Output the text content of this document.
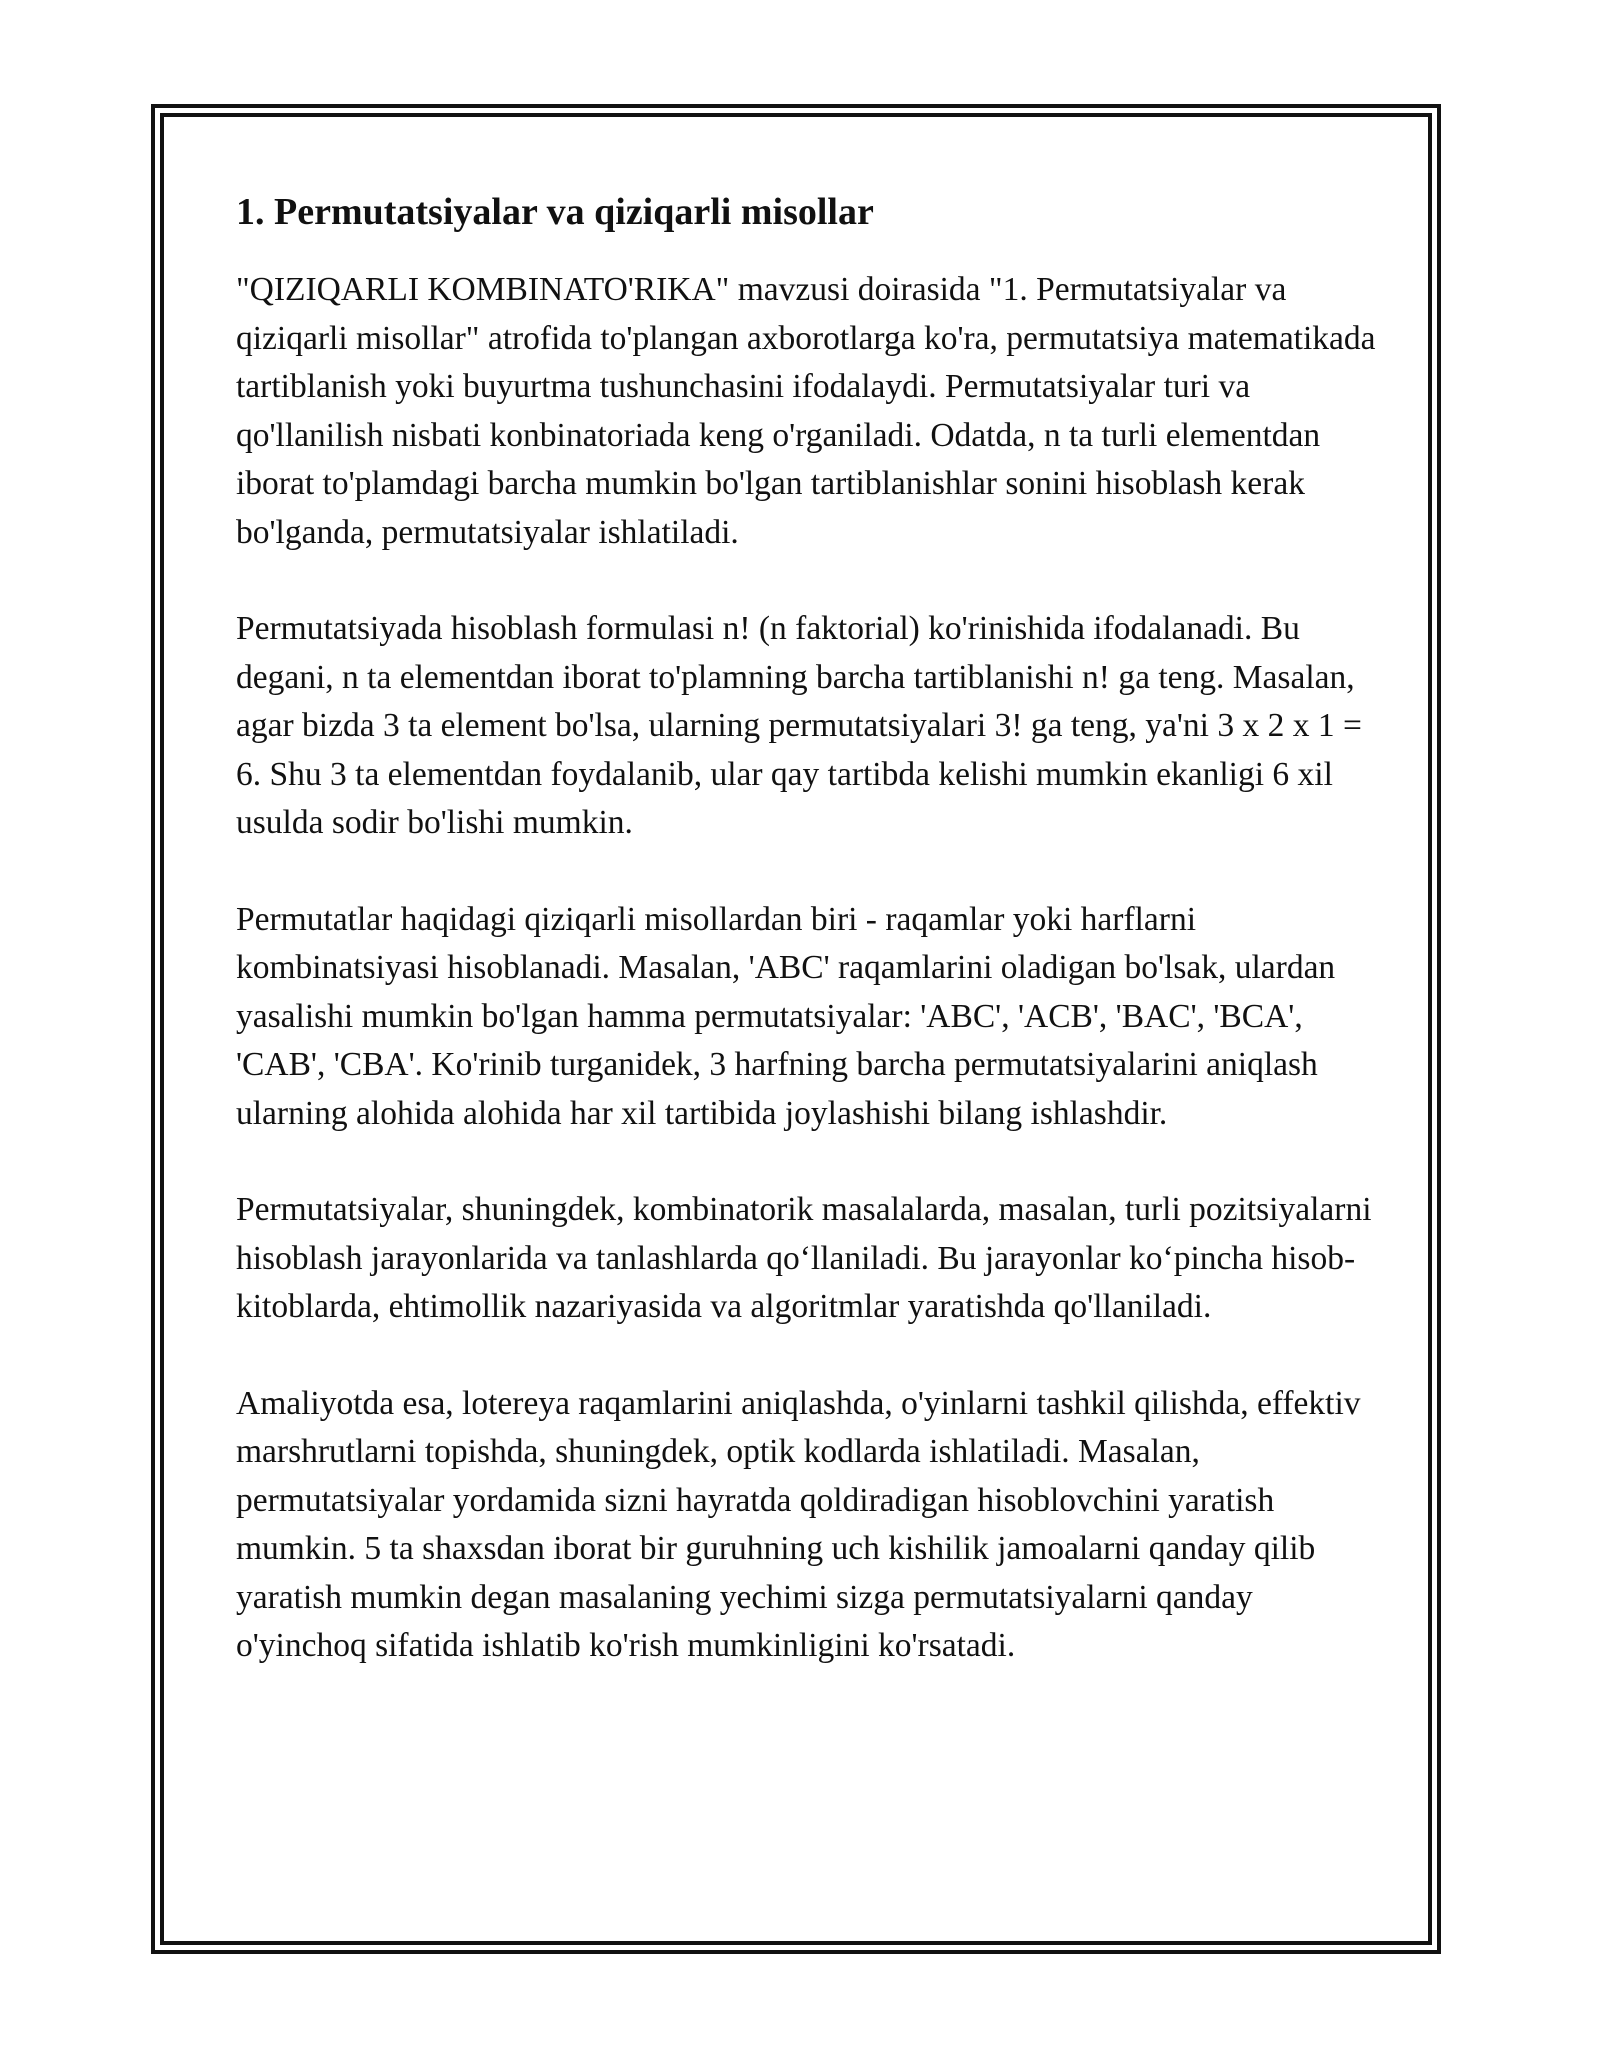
1. Permutatsiyalar va qiziqarli misollar

"QIZIQARLI KOMBINATO'RIKA" mavzusi doirasida "1. Permutatsiyalar va qiziqarli misollar" atrofida to'plangan axborotlarga ko'ra, permutatsiya matematikada tartiblanish yoki buyurtma tushunchasini ifodalaydi. Permutatsiyalar turi va qo'llanilish nisbati konbinatoriada keng o'rganiladi. Odatda, n ta turli elementdan iborat to'plamdagi barcha mumkin bo'lgan tartiblanishlar sonini hisoblash kerak bo'lganda, permutatsiyalar ishlatiladi.

Permutatsiyada hisoblash formulasi n! (n faktorial) ko'rinishida ifodalanadi. Bu degani, n ta elementdan iborat to'plamning barcha tartiblanishi n! ga teng. Masalan, agar bizda 3 ta element bo'lsa, ularning permutatsiyalari 3! ga teng, ya'ni 3 x 2 x 1 = 6. Shu 3 ta elementdan foydalanib, ular qay tartibda kelishi mumkin ekanligi 6 xil usulda sodir bo'lishi mumkin.

Permutatlar haqidagi qiziqarli misollardan biri - raqamlar yoki harflarni kombinatsiyasi hisoblanadi. Masalan, 'ABC' raqamlarini oladigan bo'lsak, ulardan yasalishi mumkin bo'lgan hamma permutatsiyalar: 'ABC', 'ACB', 'BAC', 'BCA', 'CAB', 'CBA'. Ko'rinib turganidek, 3 harfning barcha permutatsiyalarini aniqlash ularning alohida alohida har xil tartibida joylashishi bilang ishlashdir.

Permutatsiyalar, shuningdek, kombinatorik masalalarda, masalan, turli pozitsiyalarni hisoblash jarayonlarida va tanlashlarda qo‘llaniladi. Bu jarayonlar ko‘pincha hisob-kitoblarda, ehtimollik nazariyasida va algoritmlar yaratishda qo'llaniladi.

Amaliyotda esa, lotereya raqamlarini aniqlashda, o'yinlarni tashkil qilishda, effektiv marshrutlarni topishda, shuningdek, optik kodlarda ishlatiladi. Masalan, permutatsiyalar yordamida sizni hayratda qoldiradigan hisoblovchini yaratish mumkin. 5 ta shaxsdan iborat bir guruhning uch kishilik jamoalarni qanday qilib yaratish mumkin degan masalaning yechimi sizga permutatsiyalarni qanday o'yinchoq sifatida ishlatib ko'rish mumkinligini ko'rsatadi.
